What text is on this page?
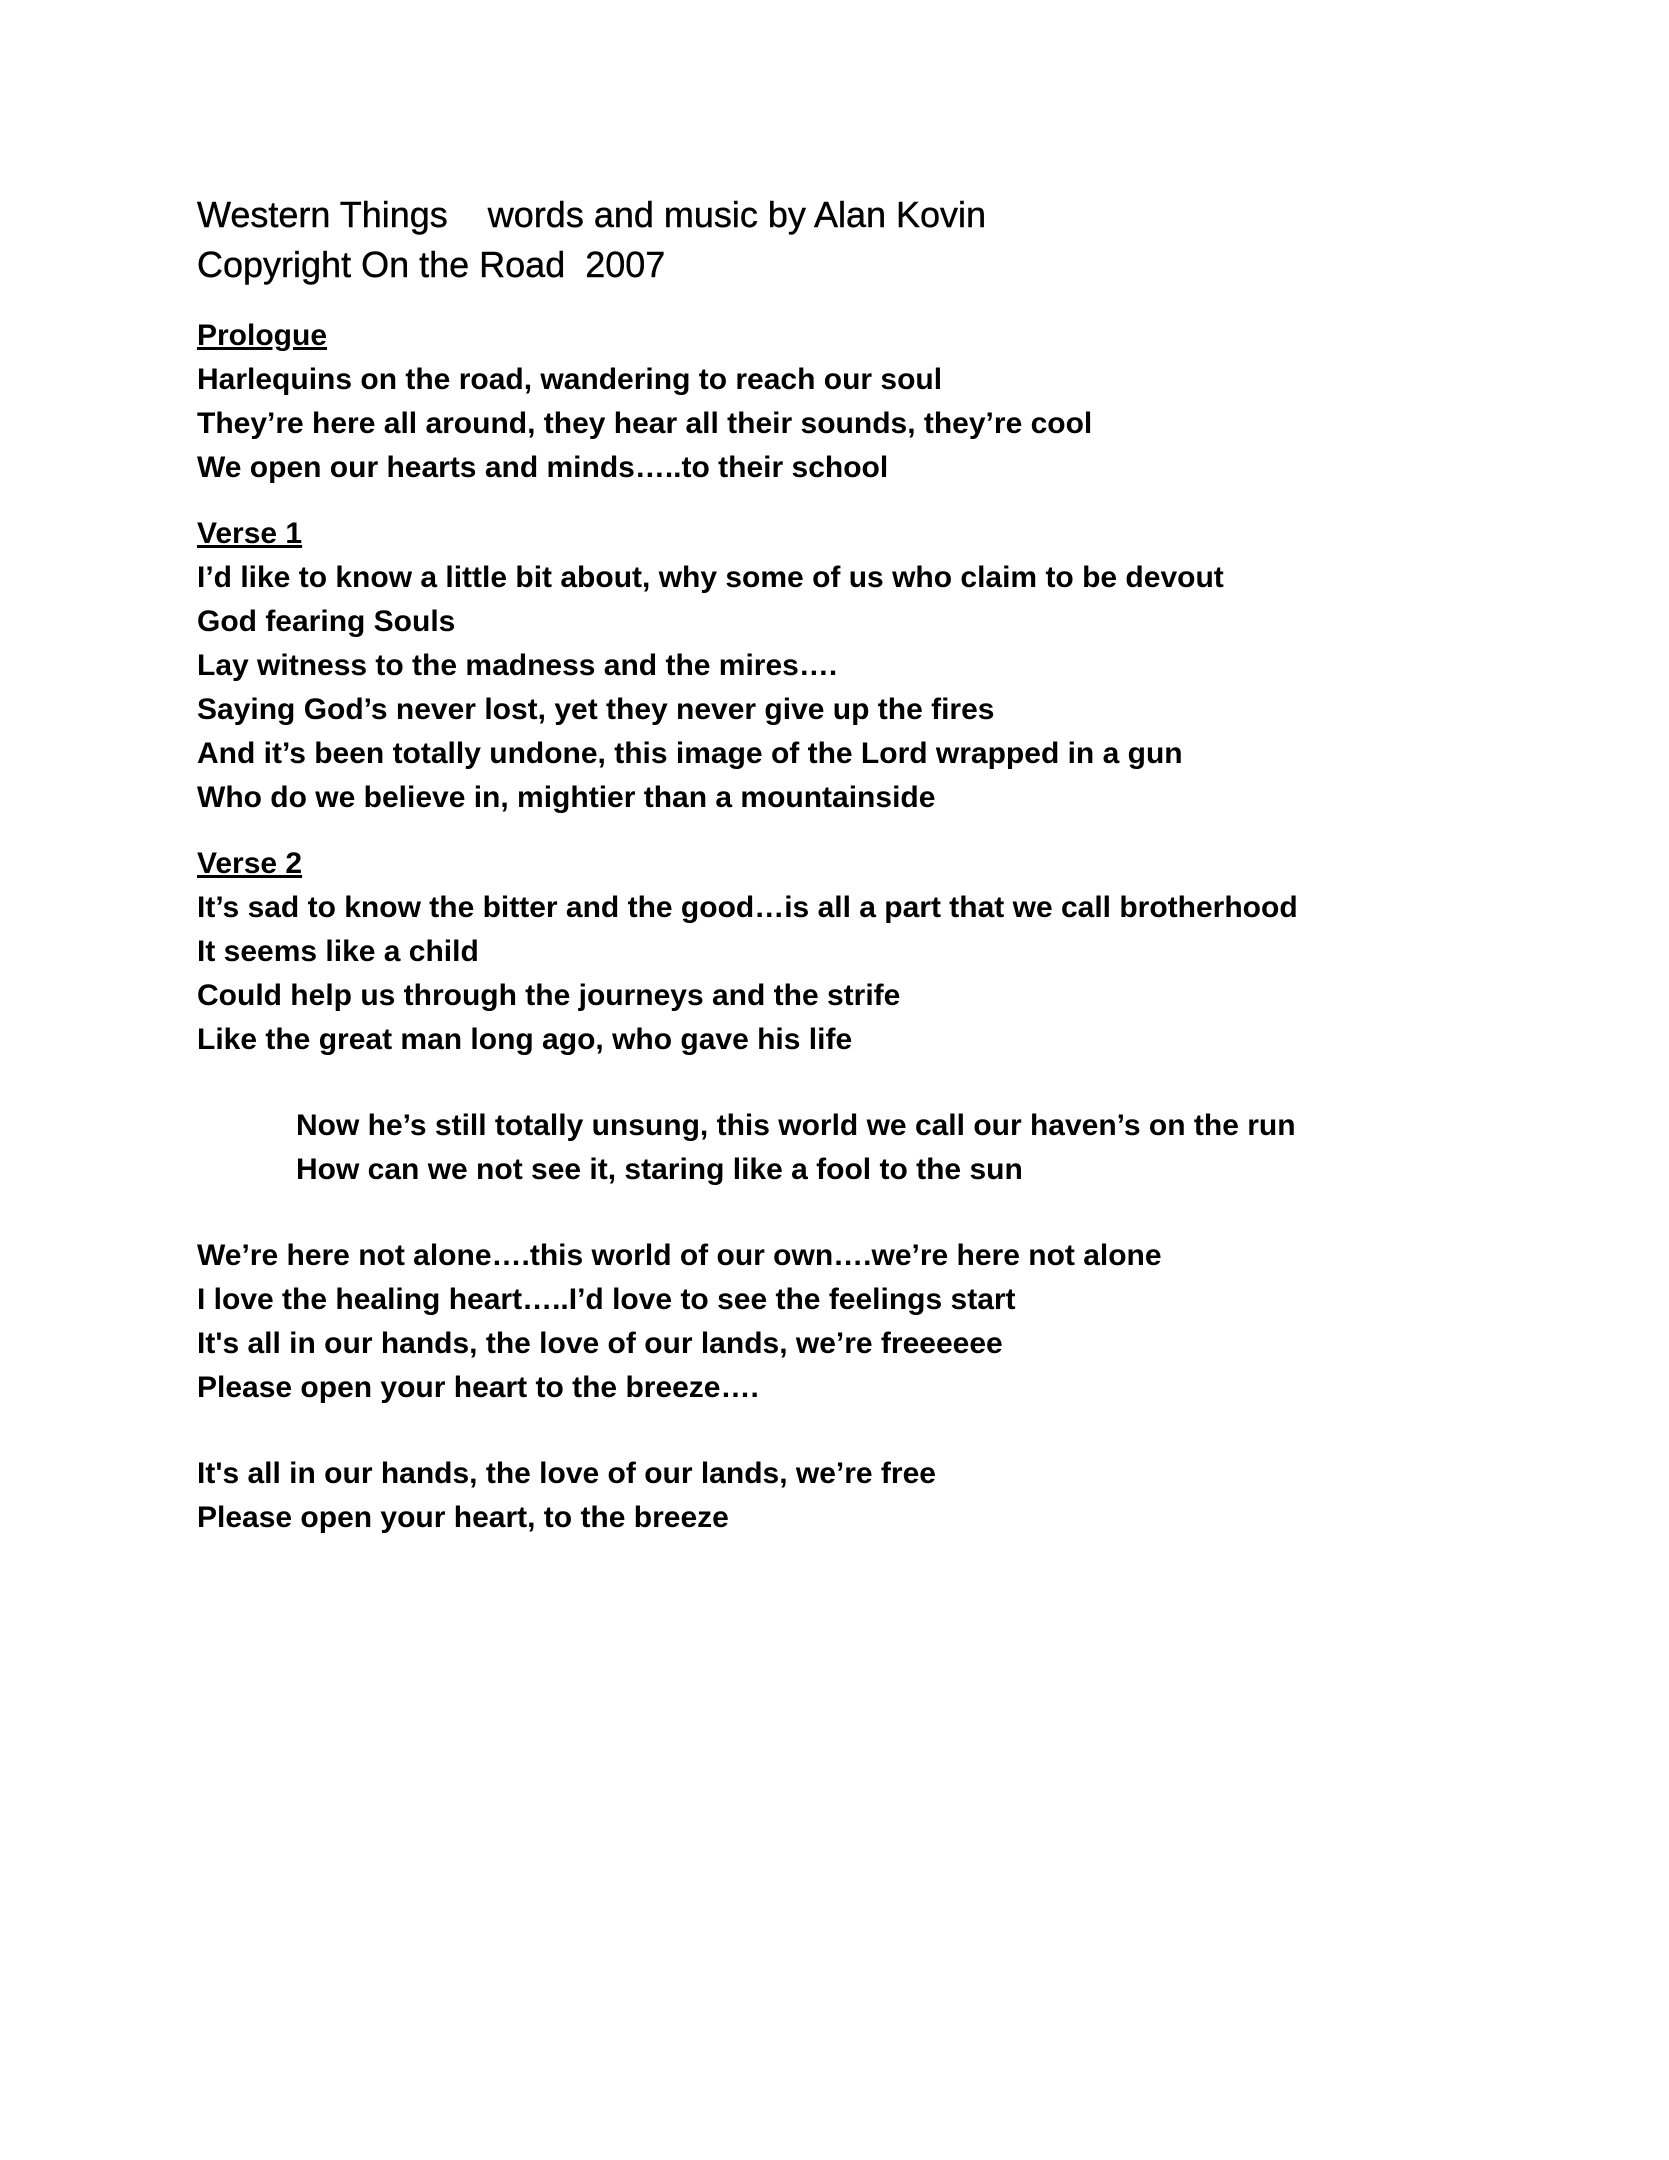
Western Things    words and music by Alan Kovin
Copyright On the Road  2007
Prologue
Harlequins on the road, wandering to reach our soul
They’re here all around, they hear all their sounds, they’re cool
We open our hearts and minds…..to their school
Verse 1
I’d like to know a little bit about, why some of us who claim to be devout
God fearing Souls
Lay witness to the madness and the mires….
Saying God’s never lost, yet they never give up the fires
And it’s been totally undone, this image of the Lord wrapped in a gun
Who do we believe in, mightier than a mountainside
Verse 2
It’s sad to know the bitter and the good…is all a part that we call brotherhood
It seems like a child
Could help us through the journeys and the strife
Like the great man long ago, who gave his life
Now he’s still totally unsung, this world we call our haven’s on the run
How can we not see it, staring like a fool to the sun
We’re here not alone….this world of our own….we’re here not alone
I love the healing heart…..I’d love to see the feelings start
It's all in our hands, the love of our lands, we’re freeeeee
Please open your heart to the breeze….
It's all in our hands, the love of our lands, we’re free
Please open your heart, to the breeze
